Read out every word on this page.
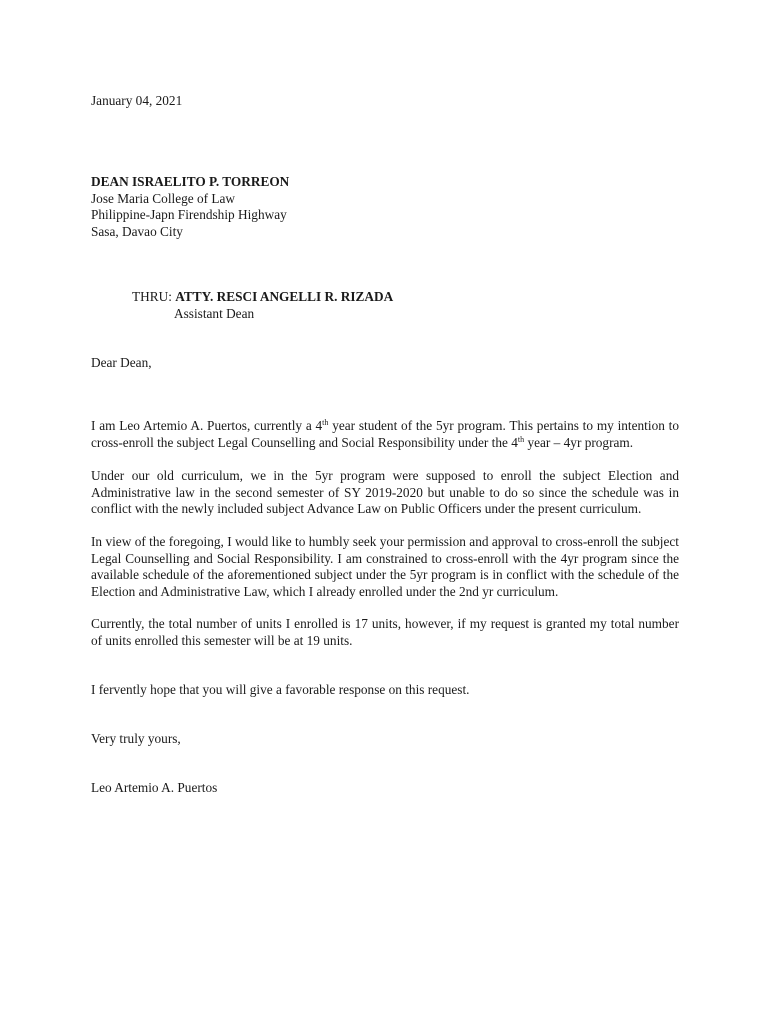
January 04, 2021
DEAN ISRAELITO P. TORREON
Jose Maria College of Law
Philippine-Japn Firendship Highway
Sasa, Davao City
THRU: ATTY. RESCI ANGELLI R. RIZADA
Assistant Dean
Dear Dean,

I am Leo Artemio A. Puertos, currently a 4th year student of the 5yr program. This pertains to my intention to cross-enroll the subject Legal Counselling and Social Responsibility under the 4th year – 4yr program.

Under our old curriculum, we in the 5yr program were supposed to enroll the subject Election and Administrative law in the second semester of SY 2019-2020 but unable to do so since the schedule was in conflict with the newly included subject Advance Law on Public Officers under the present curriculum.

In view of the foregoing, I would like to humbly seek your permission and approval to cross-enroll the subject Legal Counselling and Social Responsibility. I am constrained to cross-enroll with the 4yr program since the available schedule of the aforementioned subject under the 5yr program is in conflict with the schedule of the Election and Administrative Law, which I already enrolled under the 2nd yr curriculum.

Currently, the total number of units I enrolled is 17 units, however, if my request is granted my total number of units enrolled this semester will be at 19 units.

I fervently hope that you will give a favorable response on this request.

Very truly yours,
Leo Artemio A. Puertos
